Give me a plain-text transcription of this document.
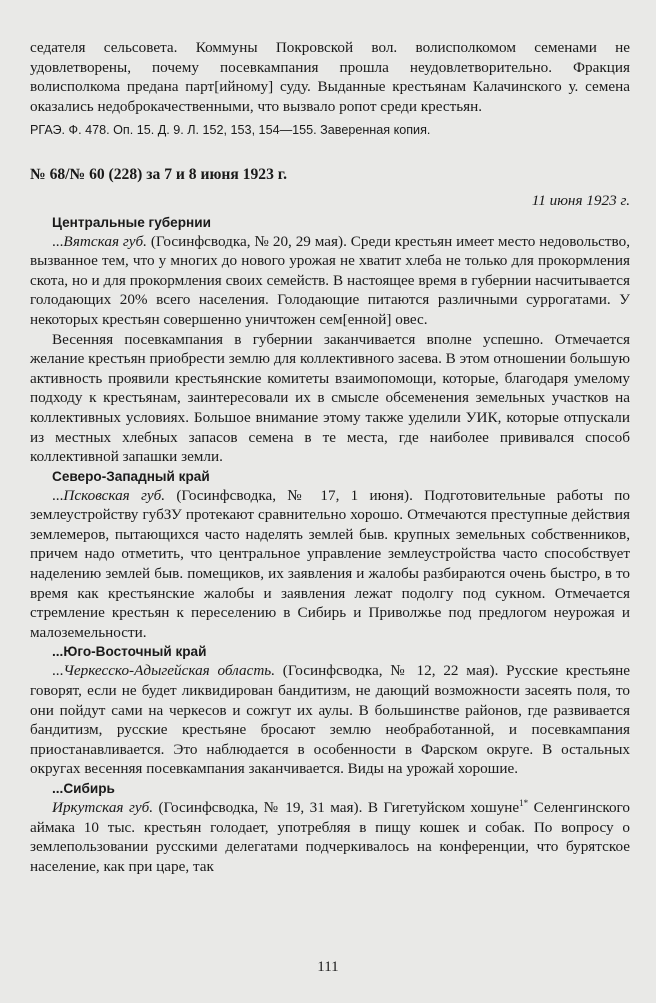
седателя сельсовета. Коммуны Покровской вол. волисполкомом семенами не удовлетворены, почему посевкампания прошла неудовлетворительно. Фракция волисполкома предана парт[ийному] суду. Выданные крестьянам Калачинского у. семена оказались недоброкачественными, что вызвало ропот среди крестьян.

РГАЭ. Ф. 478. Оп. 15. Д. 9. Л. 152, 153, 154—155. Заверенная копия.

№ 68/№ 60 (228) за 7 и 8 июня 1923 г.

11 июня 1923 г.

Центральные губернии

...Вятская губ. (Госинфсводка, № 20, 29 мая). Среди крестьян имеет место недовольство, вызванное тем, что у многих до нового урожая не хватит хлеба не только для прокормления скота, но и для прокормления своих семейств. В настоящее время в губернии насчитывается голодающих 20% всего населения. Голодающие питаются различными суррогатами. У некоторых крестьян совершенно уничтожен сем[енной] овес.

Весенняя посевкампания в губернии заканчивается вполне успешно. Отмечается желание крестьян приобрести землю для коллективного засева. В этом отношении большую активность проявили крестьянские комитеты взаимопомощи, которые, благодаря умелому подходу к крестьянам, заинтересовали их в смысле обсеменения земельных участков на коллективных условиях. Большое внимание этому также уделили УИК, которые отпускали из местных хлебных запасов семена в те места, где наиболее прививался способ коллективной запашки земли.

Северо-Западный край

...Псковская губ. (Госинфсводка, № 17, 1 июня). Подготовительные работы по землеустройству губЗУ протекают сравнительно хорошо. Отмечаются преступные действия землемеров, пытающихся часто наделять землей быв. крупных земельных собственников, причем надо отметить, что центральное управление землеустройства часто способствует наделению землей быв. помещиков, их заявления и жалобы разбираются очень быстро, в то время как крестьянские жалобы и заявления лежат подолгу под сукном. Отмечается стремление крестьян к переселению в Сибирь и Приволжье под предлогом неурожая и малоземельности.

...Юго-Восточный край

...Черкесско-Адыгейская область. (Госинфсводка, № 12, 22 мая). Русские крестьяне говорят, если не будет ликвидирован бандитизм, не дающий возможности засеять поля, то они пойдут сами на черкесов и сожгут их аулы. В большинстве районов, где развивается бандитизм, русские крестьяне бросают землю необработанной, и посевкампания приостанавливается. Это наблюдается в особенности в Фарском округе. В остальных округах весенняя посевкампания заканчивается. Виды на урожай хорошие.

...Сибирь

Иркутская губ. (Госинфсводка, № 19, 31 мая). В Гигетуйском хошуне$^{1*}$ Селенгинского аймака 10 тыс. крестьян голодает, употребляя в пищу кошек и собак. По вопросу о землепользовании русскими делегатами подчеркивалось на конференции, что бурятское население, как при царе, так

111
